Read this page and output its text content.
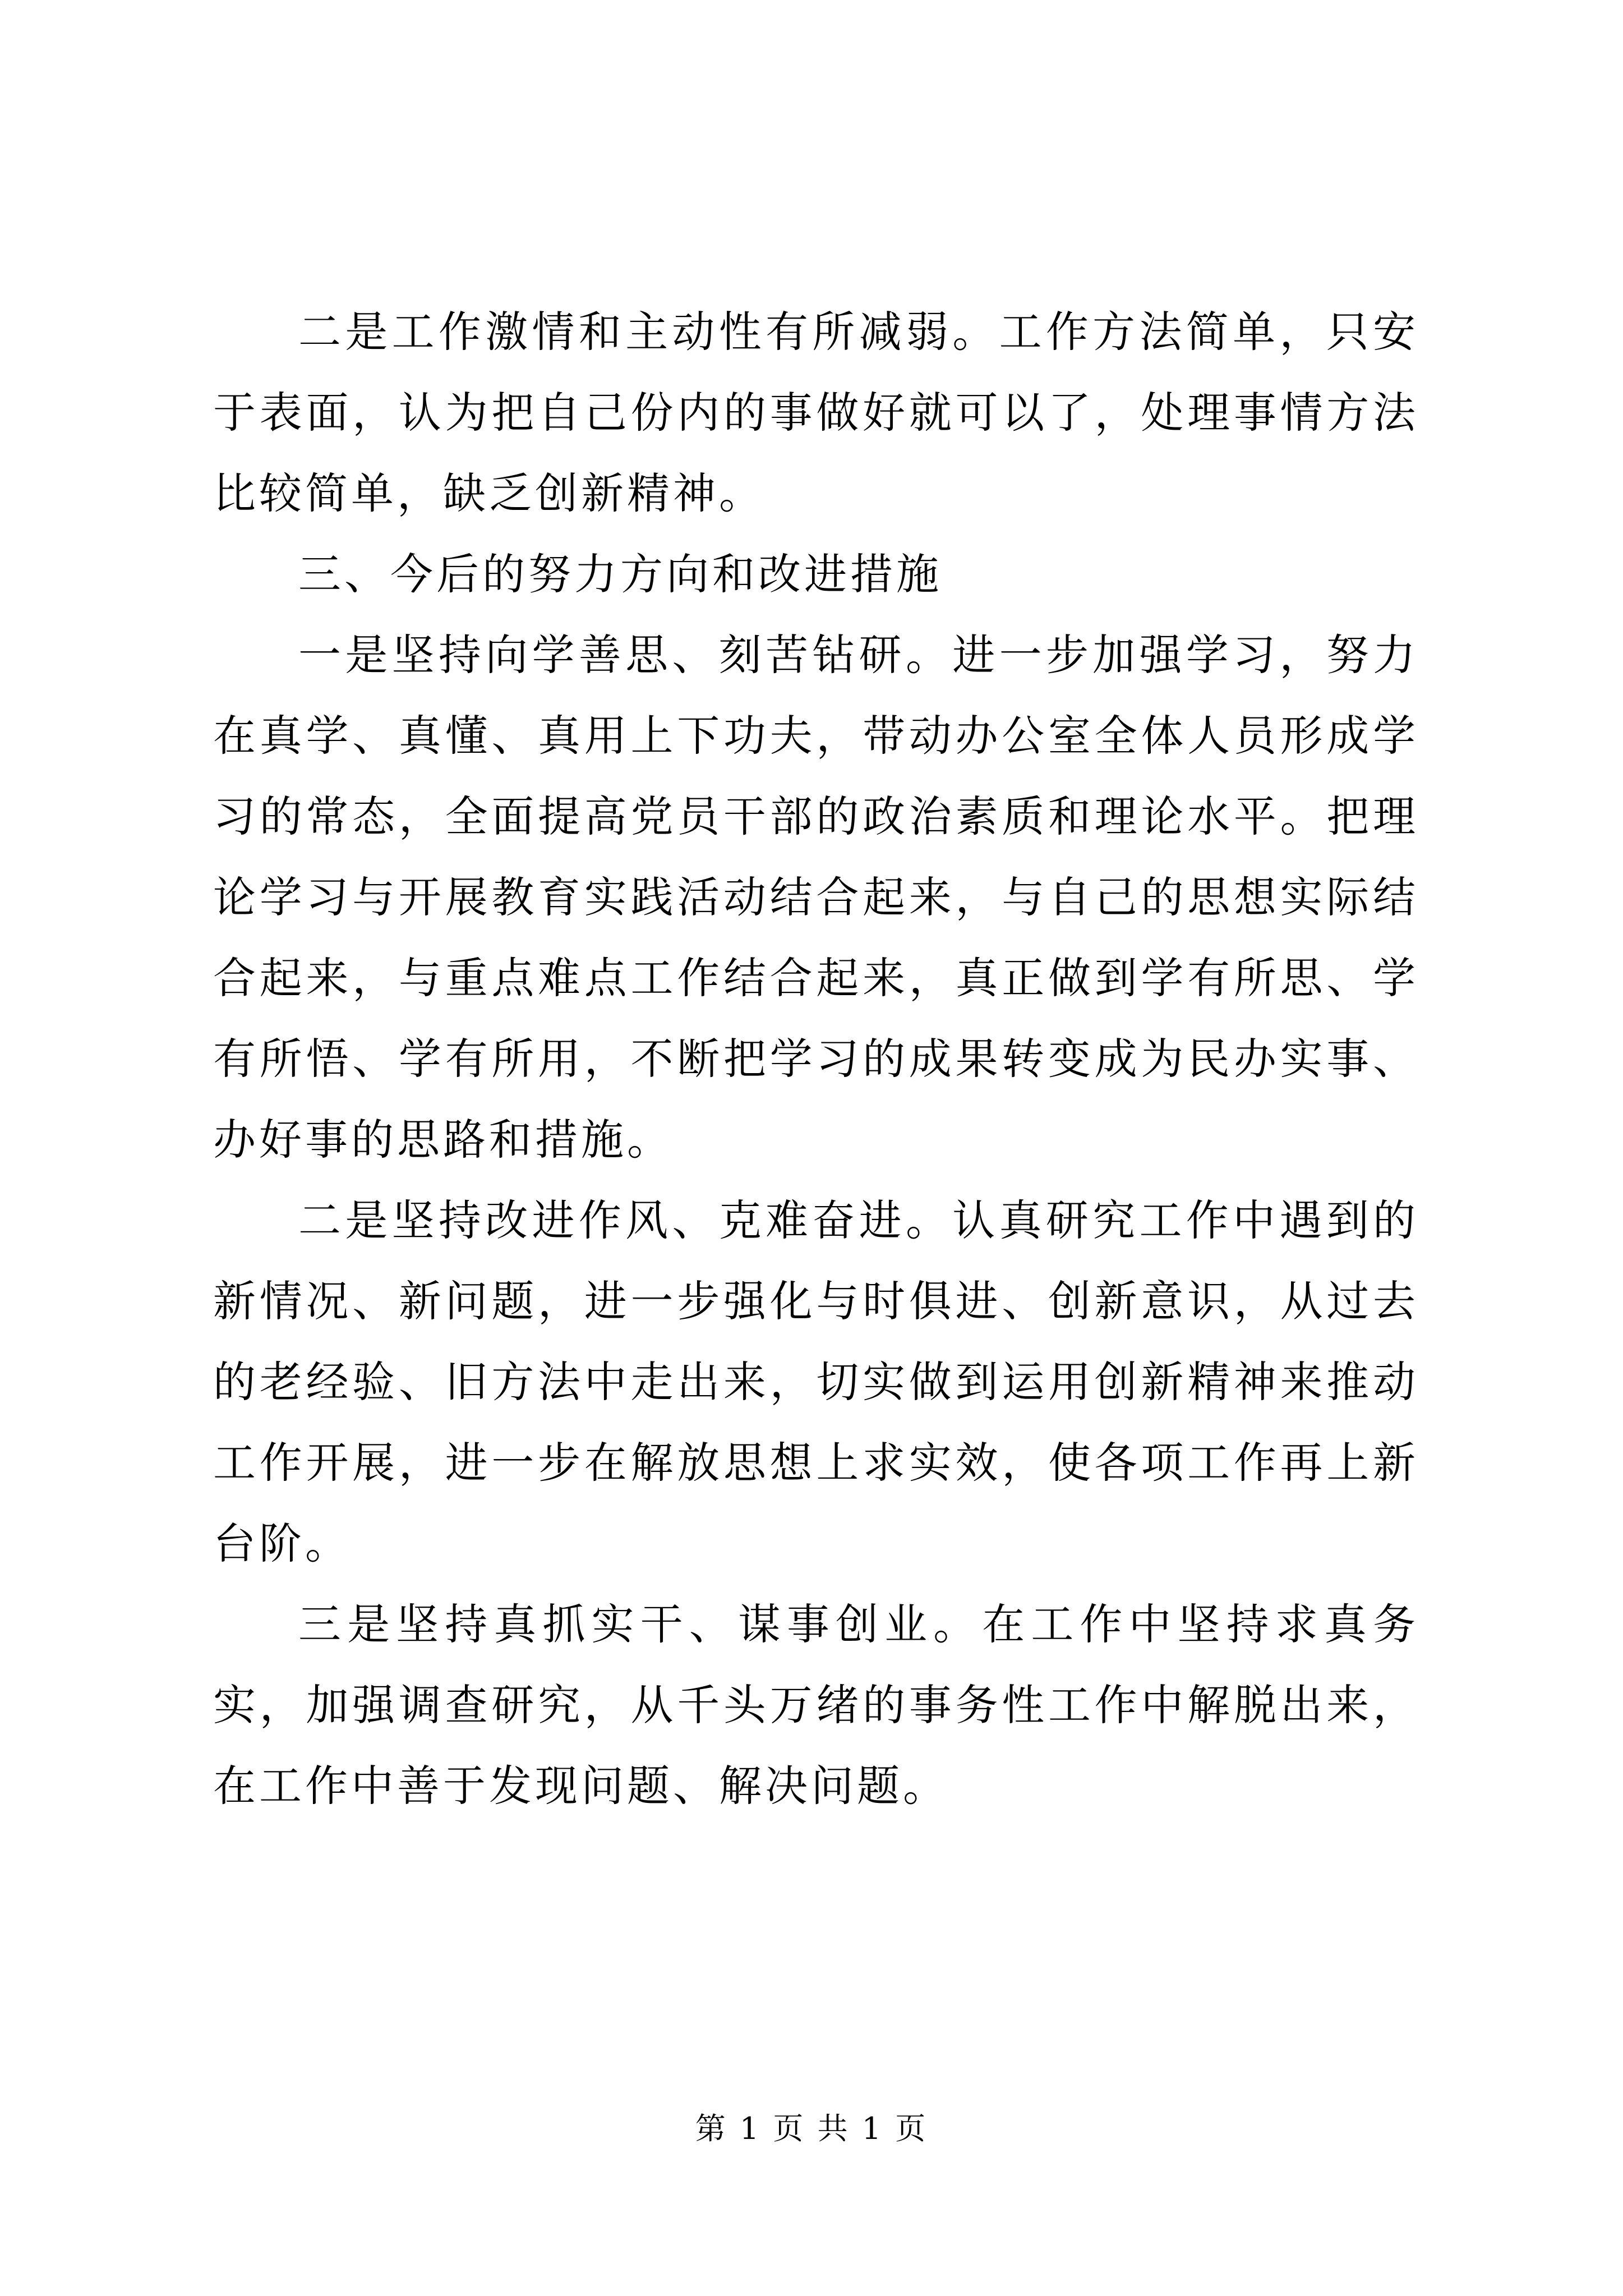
二是工作激情和主动性有所减弱。工作方法简单，只安于表面，认为把自己份内的事做好就可以了，处理事情方法比较简单，缺乏创新精神。

三、今后的努力方向和改进措施

一是坚持向学善思、刻苦钻研。进一步加强学习，努力在真学、真懂、真用上下功夫，带动办公室全体人员形成学习的常态，全面提高党员干部的政治素质和理论水平。把理论学习与开展教育实践活动结合起来，与自己的思想实际结合起来，与重点难点工作结合起来，真正做到学有所思、学有所悟、学有所用，不断把学习的成果转变成为民办实事、办好事的思路和措施。

二是坚持改进作风、克难奋进。认真研究工作中遇到的新情况、新问题，进一步强化与时俱进、创新意识，从过去的老经验、旧方法中走出来，切实做到运用创新精神来推动工作开展，进一步在解放思想上求实效，使各项工作再上新台阶。

三是坚持真抓实干、谋事创业。在工作中坚持求真务实，加强调查研究，从千头万绪的事务性工作中解脱出来，在工作中善于发现问题、解决问题。

第 1 页 共 1 页
